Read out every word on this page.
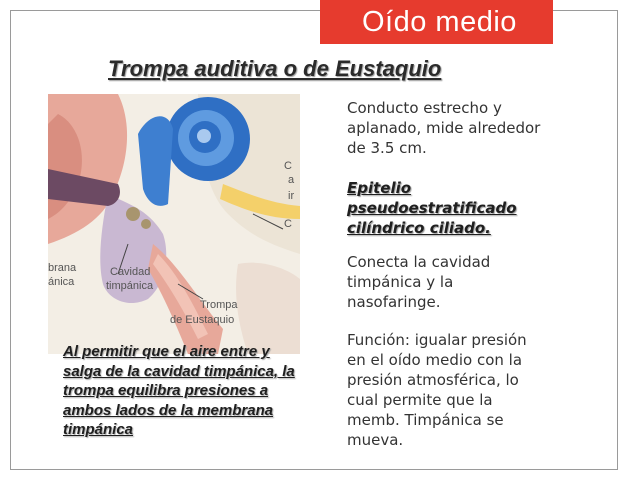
Oído medio
Trompa auditiva o de Eustaquio
Cavidad
timpánica
Trompa
de Eustaquio
brana
ánica
C
a
ir
C
Al permitir que el aire entre y salga de la cavidad timpánica, la trompa equilibra presiones a ambos lados de la membrana timpánica
Conducto estrecho y aplanado, mide alrededor de 3.5 cm.
Epitelio pseudoestratificado cilíndrico ciliado.
Conecta la cavidad timpánica y la nasofaringe.
Función: igualar presión en el oído medio con la presión atmosférica, lo cual permite que la memb. Timpánica se mueva.
